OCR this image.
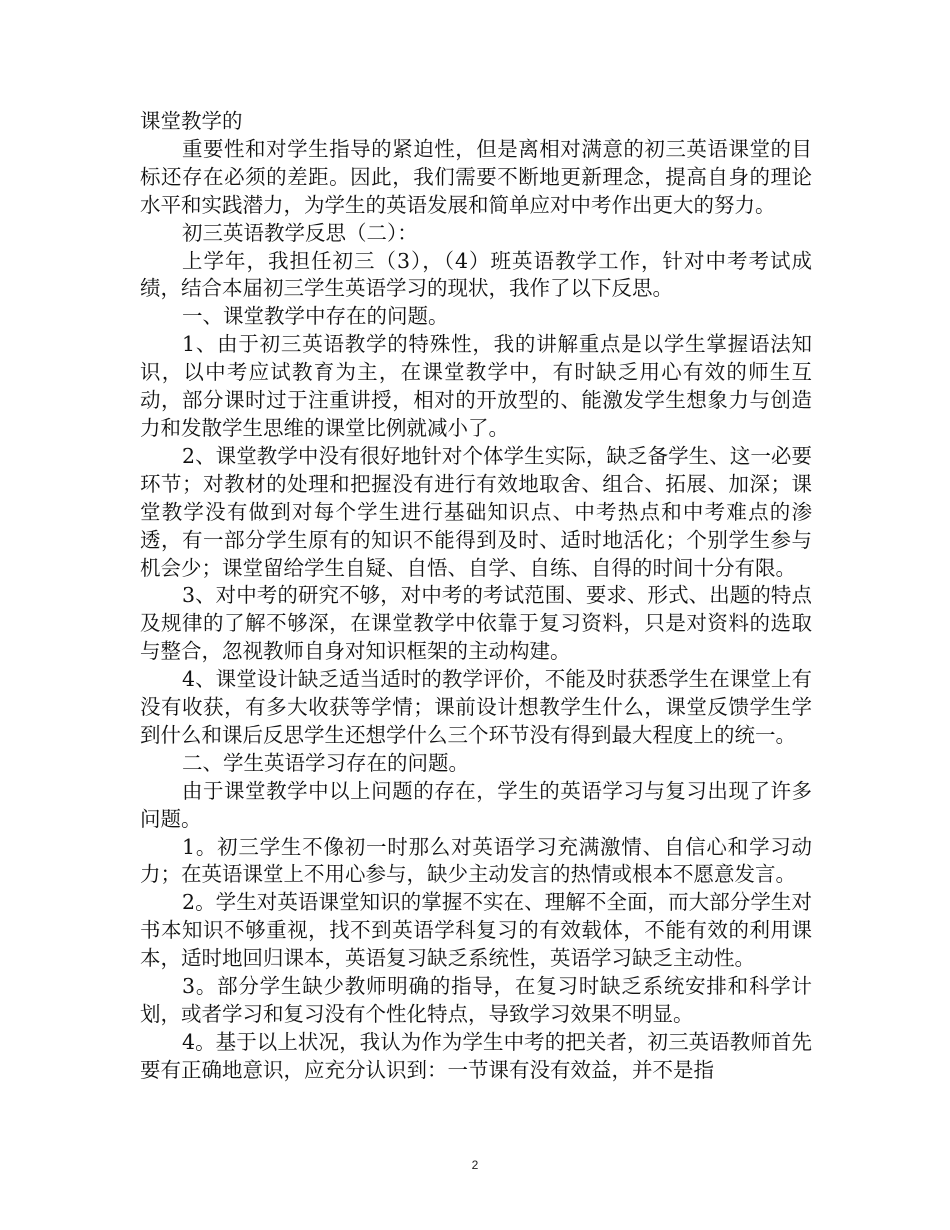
课堂教学的

重要性和对学生指导的紧迫性，但是离相对满意的初三英语课堂的目标还存在必须的差距。因此，我们需要不断地更新理念，提高自身的理论水平和实践潜力，为学生的英语发展和简单应对中考作出更大的努力。

初三英语教学反思（二）：

上学年，我担任初三（3），（4）班英语教学工作，针对中考考试成绩，结合本届初三学生英语学习的现状，我作了以下反思。

一、课堂教学中存在的问题。

1、由于初三英语教学的特殊性，我的讲解重点是以学生掌握语法知识，以中考应试教育为主，在课堂教学中，有时缺乏用心有效的师生互动，部分课时过于注重讲授，相对的开放型的、能激发学生想象力与创造力和发散学生思维的课堂比例就减小了。

2、课堂教学中没有很好地针对个体学生实际，缺乏备学生、这一必要环节；对教材的处理和把握没有进行有效地取舍、组合、拓展、加深；课堂教学没有做到对每个学生进行基础知识点、中考热点和中考难点的渗透，有一部分学生原有的知识不能得到及时、适时地活化；个别学生参与机会少；课堂留给学生自疑、自悟、自学、自练、自得的时间十分有限。

3、对中考的研究不够，对中考的考试范围、要求、形式、出题的特点及规律的了解不够深，在课堂教学中依靠于复习资料，只是对资料的选取与整合，忽视教师自身对知识框架的主动构建。

4、课堂设计缺乏适当适时的教学评价，不能及时获悉学生在课堂上有没有收获，有多大收获等学情；课前设计想教学生什么，课堂反馈学生学到什么和课后反思学生还想学什么三个环节没有得到最大程度上的统一。

二、学生英语学习存在的问题。

由于课堂教学中以上问题的存在，学生的英语学习与复习出现了许多问题。

1。初三学生不像初一时那么对英语学习充满激情、自信心和学习动力；在英语课堂上不用心参与，缺少主动发言的热情或根本不愿意发言。

2。学生对英语课堂知识的掌握不实在、理解不全面，而大部分学生对书本知识不够重视，找不到英语学科复习的有效载体，不能有效的利用课本，适时地回归课本，英语复习缺乏系统性，英语学习缺乏主动性。

3。部分学生缺少教师明确的指导，在复习时缺乏系统安排和科学计划，或者学习和复习没有个性化特点，导致学习效果不明显。

4。基于以上状况，我认为作为学生中考的把关者，初三英语教师首先要有正确地意识，应充分认识到：一节课有没有效益，并不是指

2
